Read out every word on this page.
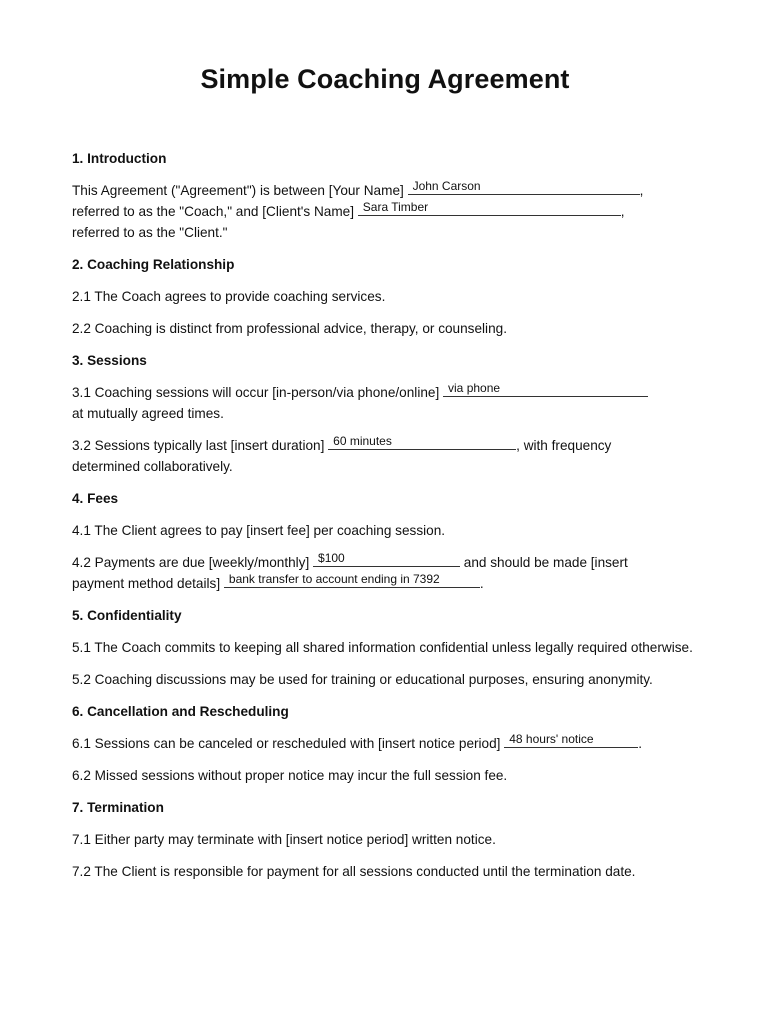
Simple Coaching Agreement
1. Introduction

This Agreement ("Agreement") is between [Your Name] John Carson	,
referred to as the "Coach," and [Client's Name] Sara Timber	,
referred to as the "Client."

2. Coaching Relationship

2.1 The Coach agrees to provide coaching services.

2.2 Coaching is distinct from professional advice, therapy, or counseling.

3. Sessions

3.1 Coaching sessions will occur [in-person/via phone/online] via phone

at mutually agreed times.

3.2 Sessions typically last [insert duration] 60 minutes	, with frequency
determined collaboratively.

4. Fees

4.1 The Client agrees to pay [insert fee] per coaching session.

4.2 Payments are due [weekly/monthly] $100	and should be made [insert
payment method details] bank transfer to account ending in 7392	.

5. Confidentiality

5.1 The Coach commits to keeping all shared information confidential unless legally required otherwise.

5.2 Coaching discussions may be used for training or educational purposes, ensuring anonymity.

6. Cancellation and Rescheduling

6.1 Sessions can be canceled or rescheduled with [insert notice period] 48 hours' notice	.

6.2 Missed sessions without proper notice may incur the full session fee.

7. Termination

7.1 Either party may terminate with [insert notice period] written notice.

7.2 The Client is responsible for payment for all sessions conducted until the termination date.
